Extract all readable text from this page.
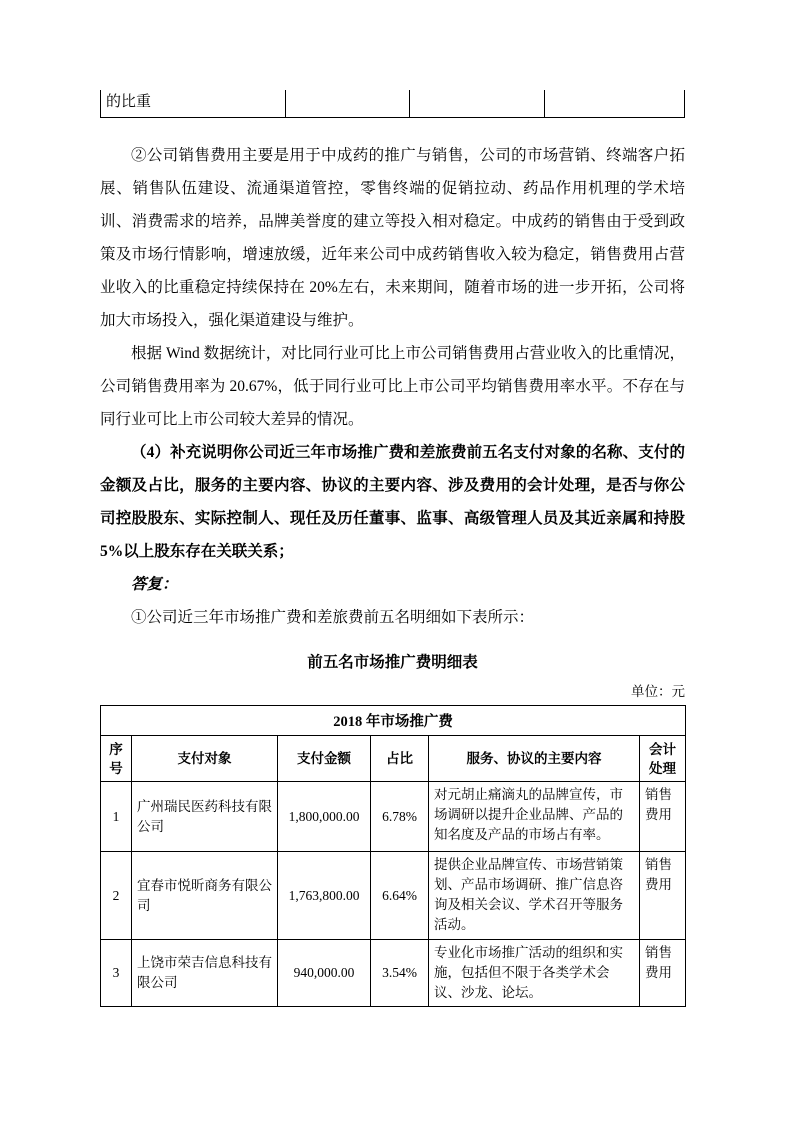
的比重

②公司销售费用主要是用于中成药的推广与销售，公司的市场营销、终端客户拓展、销售队伍建设、流通渠道管控，零售终端的促销拉动、药品作用机理的学术培训、消费需求的培养，品牌美誉度的建立等投入相对稳定。中成药的销售由于受到政策及市场行情影响，增速放缓，近年来公司中成药销售收入较为稳定，销售费用占营业收入的比重稳定持续保持在 20%左右，未来期间，随着市场的进一步开拓，公司将加大市场投入，强化渠道建设与维护。

根据 Wind 数据统计，对比同行业可比上市公司销售费用占营业收入的比重情况，公司销售费用率为 20.67%，低于同行业可比上市公司平均销售费用率水平。不存在与同行业可比上市公司较大差异的情况。

（4）补充说明你公司近三年市场推广费和差旅费前五名支付对象的名称、支付的金额及占比，服务的主要内容、协议的主要内容、涉及费用的会计处理，是否与你公司控股股东、实际控制人、现任及历任董事、监事、高级管理人员及其近亲属和持股 5%以上股东存在关联关系；

答复：

①公司近三年市场推广费和差旅费前五名明细如下表所示：

前五名市场推广费明细表
单位：元
2018 年市场推广费					
序号	支付对象	支付金额	占比	服务、协议的主要内容	会计处理
1	广州瑞民医药科技有限公司	1,800,000.00	6.78%	对元胡止痛滴丸的品牌宣传，市场调研以提升企业品牌、产品的知名度及产品的市场占有率。	销售费用
2	宜春市悦昕商务有限公司	1,763,800.00	6.64%	提供企业品牌宣传、市场营销策划、产品市场调研、推广信息咨询及相关会议、学术召开等服务活动。	销售费用
3	上饶市荣吉信息科技有限公司	940,000.00	3.54%	专业化市场推广活动的组织和实施，包括但不限于各类学术会议、沙龙、论坛。	销售费用
